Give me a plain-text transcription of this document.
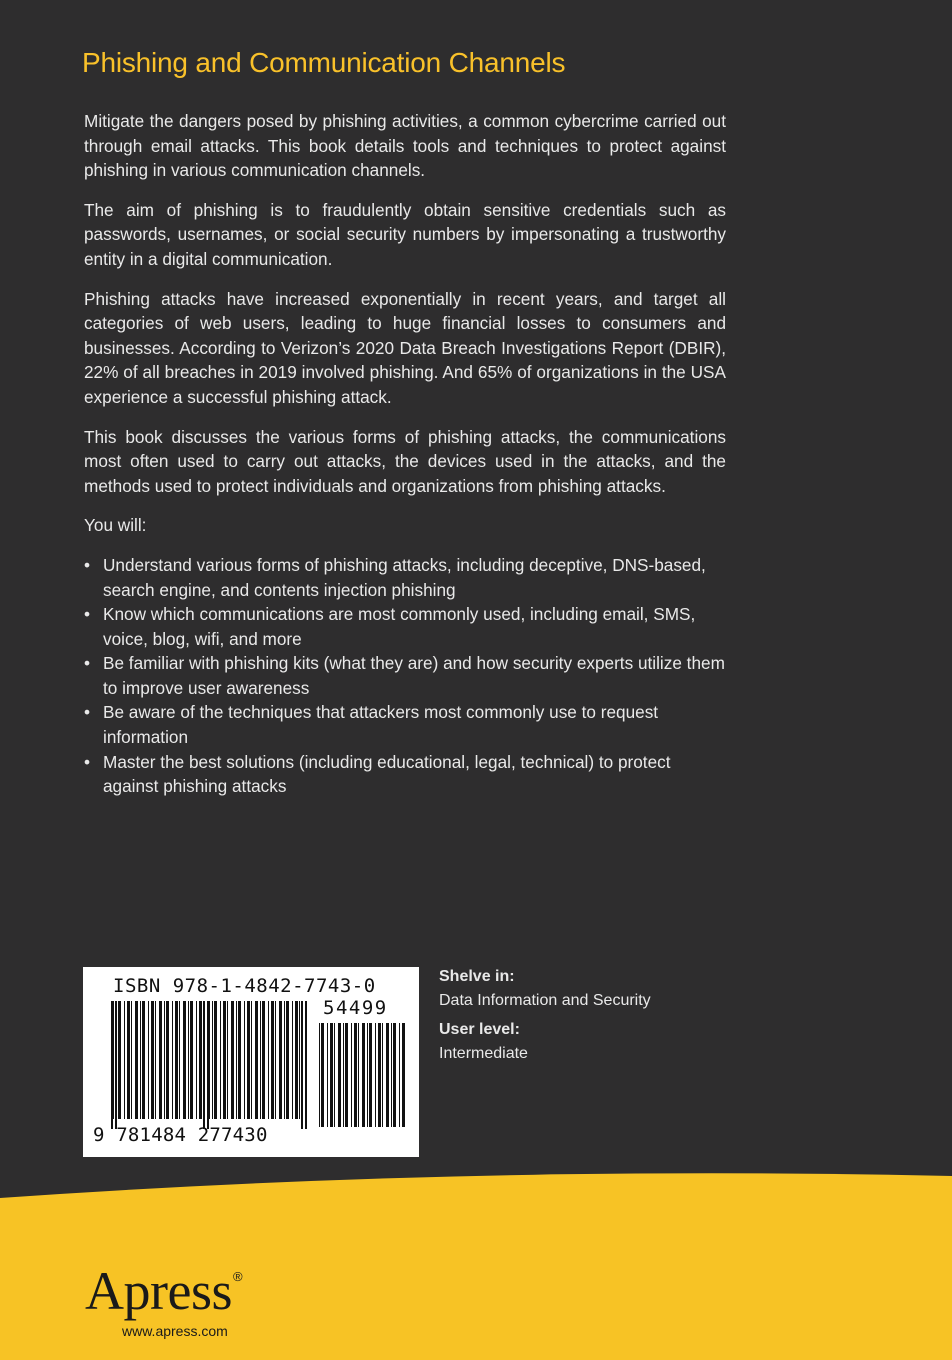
Phishing and Communication Channels

Mitigate the dangers posed by phishing activities, a common cybercrime carried out through email attacks. This book details tools and techniques to protect against phishing in various communication channels.

The aim of phishing is to fraudulently obtain sensitive credentials such as passwords, usernames, or social security numbers by impersonating a trustworthy entity in a digital communication.

Phishing attacks have increased exponentially in recent years, and target all categories of web users, leading to huge financial losses to consumers and businesses. According to Verizon’s 2020 Data Breach Investigations Report (DBIR), 22% of all breaches in 2019 involved phishing. And 65% of organizations in the USA experience a successful phishing attack.

This book discusses the various forms of phishing attacks, the communications most often used to carry out attacks, the devices used in the attacks, and the methods used to protect individuals and organizations from phishing attacks.

You will:

• Understand various forms of phishing attacks, including deceptive, DNS-based, search engine, and contents injection phishing
• Know which communications are most commonly used, including email, SMS, voice, blog, wifi, and more
• Be familiar with phishing kits (what they are) and how security experts utilize them to improve user awareness
• Be aware of the techniques that attackers most commonly use to request information
• Master the best solutions (including educational, legal, technical) to protect against phishing attacks
ISBN 978-1-4842-7743-0
54499
9 781484 277430
Shelve in:
Data Information and Security
User level:
Intermediate
Apress®
www.apress.com
